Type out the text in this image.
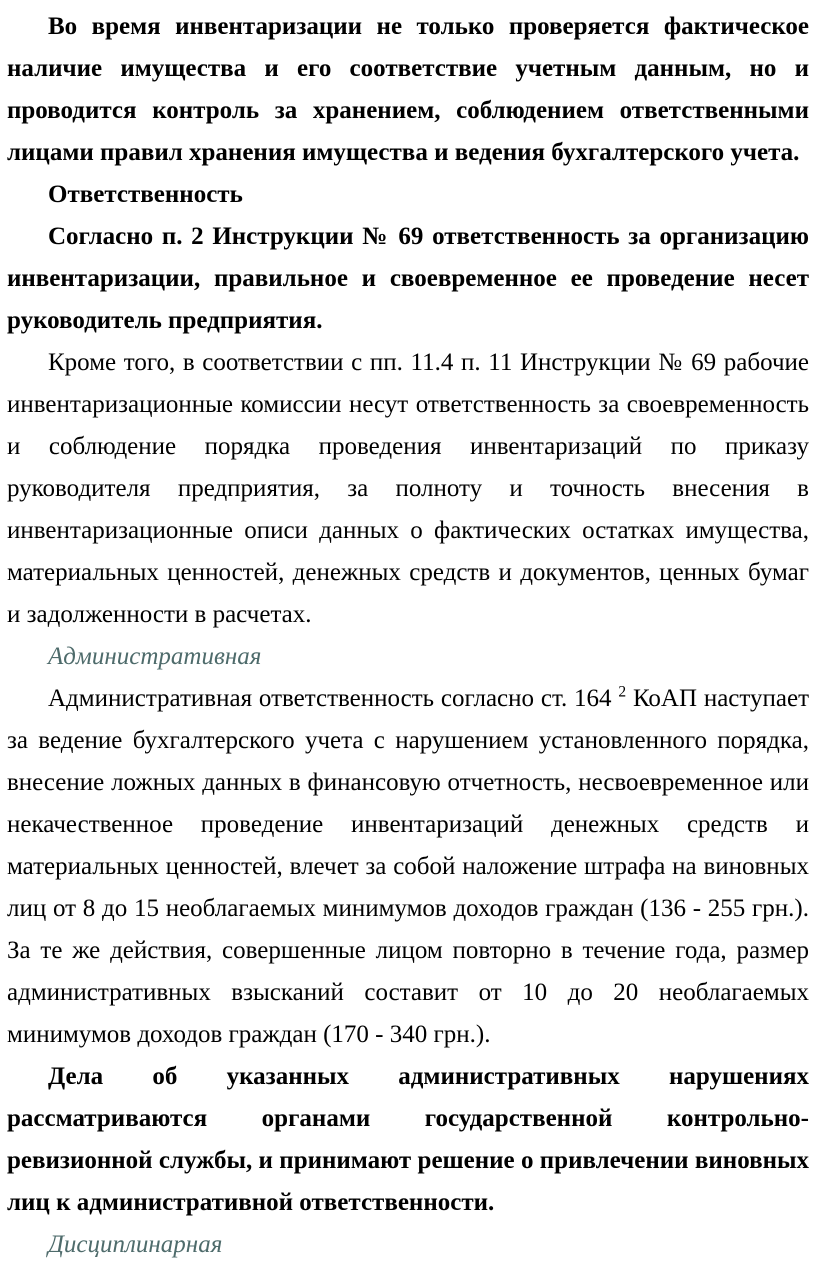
Во время инвентаризации не только проверяется фактическое наличие имущества и его соответствие учетным данным, но и проводится контроль за хранением, соблюдением ответственными лицами правил хранения имущества и ведения бухгалтерского учета.

Ответственность

Согласно п. 2 Инструкции № 69 ответственность за организацию инвентаризации, правильное и своевременное ее проведение несет руководитель предприятия.

Кроме того, в соответствии с пп. 11.4 п. 11 Инструкции № 69 рабочие инвентаризационные комиссии несут ответственность за своевременность и соблюдение порядка проведения инвентаризаций по приказу руководителя предприятия, за полноту и точность внесения в инвентаризационные описи данных о фактических остатках имущества, материальных ценностей, денежных средств и документов, ценных бумаг и задолженности в расчетах.

Административная

Административная ответственность согласно ст. 164 $^2$ КоАП наступает за ведение бухгалтерского учета с нарушением установленного порядка, внесение ложных данных в финансовую отчетность, несвоевременное или некачественное проведение инвентаризаций денежных средств и материальных ценностей, влечет за собой наложение штрафа на виновных лиц от 8 до 15 необлагаемых минимумов доходов граждан (136 - 255 грн.). За те же действия, совершенные лицом повторно в течение года, размер административных взысканий составит от 10 до 20 необлагаемых минимумов доходов граждан (170 - 340 грн.).

Дела об указанных административных нарушениях рассматриваются органами государственной контрольно-ревизионной службы, и принимают решение о привлечении виновных лиц к административной ответственности.

Дисциплинарная
